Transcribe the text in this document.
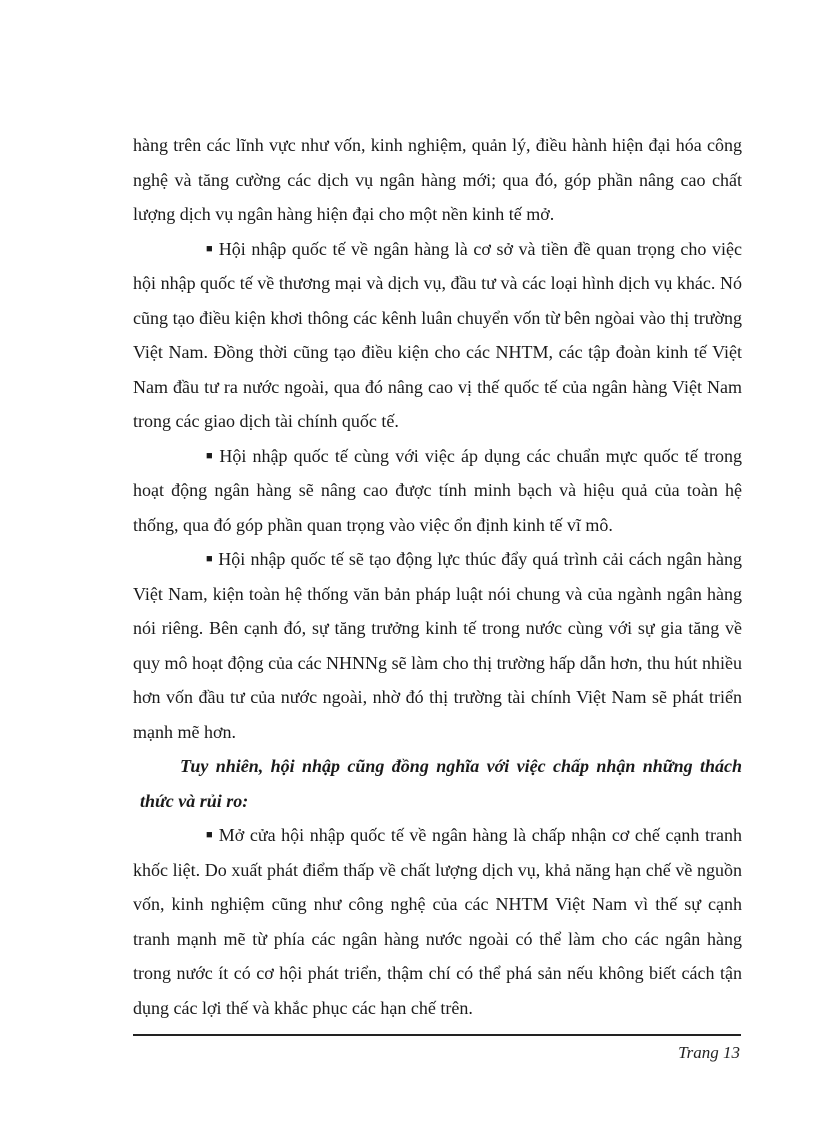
hàng trên các lĩnh vực như vốn, kinh nghiệm, quản lý, điều hành hiện đại hóa công nghệ và tăng cường các dịch vụ ngân hàng mới; qua đó, góp phần nâng cao chất lượng dịch vụ ngân hàng hiện đại cho một nền kinh tế mở.

■ Hội nhập quốc tế về ngân hàng là cơ sở và tiền đề quan trọng cho việc hội nhập quốc tế về thương mại và dịch vụ, đầu tư và các loại hình dịch vụ khác. Nó cũng tạo điều kiện khơi thông các kênh luân chuyển vốn từ bên ngòai vào thị trường Việt Nam. Đồng thời cũng tạo điều kiện cho các NHTM, các tập đoàn kinh tế Việt Nam đầu tư ra nước ngoài, qua đó nâng cao vị thế quốc tế của ngân hàng Việt Nam trong các giao dịch tài chính quốc tế.

■ Hội nhập quốc tế cùng với việc áp dụng các chuẩn mực quốc tế trong hoạt động ngân hàng sẽ nâng cao được tính minh bạch và hiệu quả của toàn hệ thống, qua đó góp phần quan trọng vào việc ổn định kinh tế vĩ mô.

■ Hội nhập quốc tế sẽ tạo động lực thúc đẩy quá trình cải cách ngân hàng Việt Nam, kiện toàn hệ thống văn bản pháp luật nói chung và của ngành ngân hàng nói riêng. Bên cạnh đó, sự tăng trưởng kinh tế trong nước cùng với sự gia tăng về quy mô hoạt động của các NHNNg sẽ làm cho thị trường hấp dẫn hơn, thu hút nhiều hơn vốn đầu tư của nước ngoài, nhờ đó thị trường tài chính Việt Nam sẽ phát triển mạnh mẽ hơn.

Tuy nhiên, hội nhập cũng đồng nghĩa với việc chấp nhận những thách thức và rủi ro:

■ Mở cửa hội nhập quốc tế về ngân hàng là chấp nhận cơ chế cạnh tranh khốc liệt. Do xuất phát điểm thấp về chất lượng dịch vụ, khả năng hạn chế về nguồn vốn, kinh nghiệm cũng như công nghệ của các NHTM Việt Nam vì thế sự cạnh tranh mạnh mẽ từ phía các ngân hàng nước ngoài có thể làm cho các ngân hàng trong nước ít có cơ hội phát triển, thậm chí có thể phá sản nếu không biết cách tận dụng các lợi thế và khắc phục các hạn chế trên.

Trang 13
